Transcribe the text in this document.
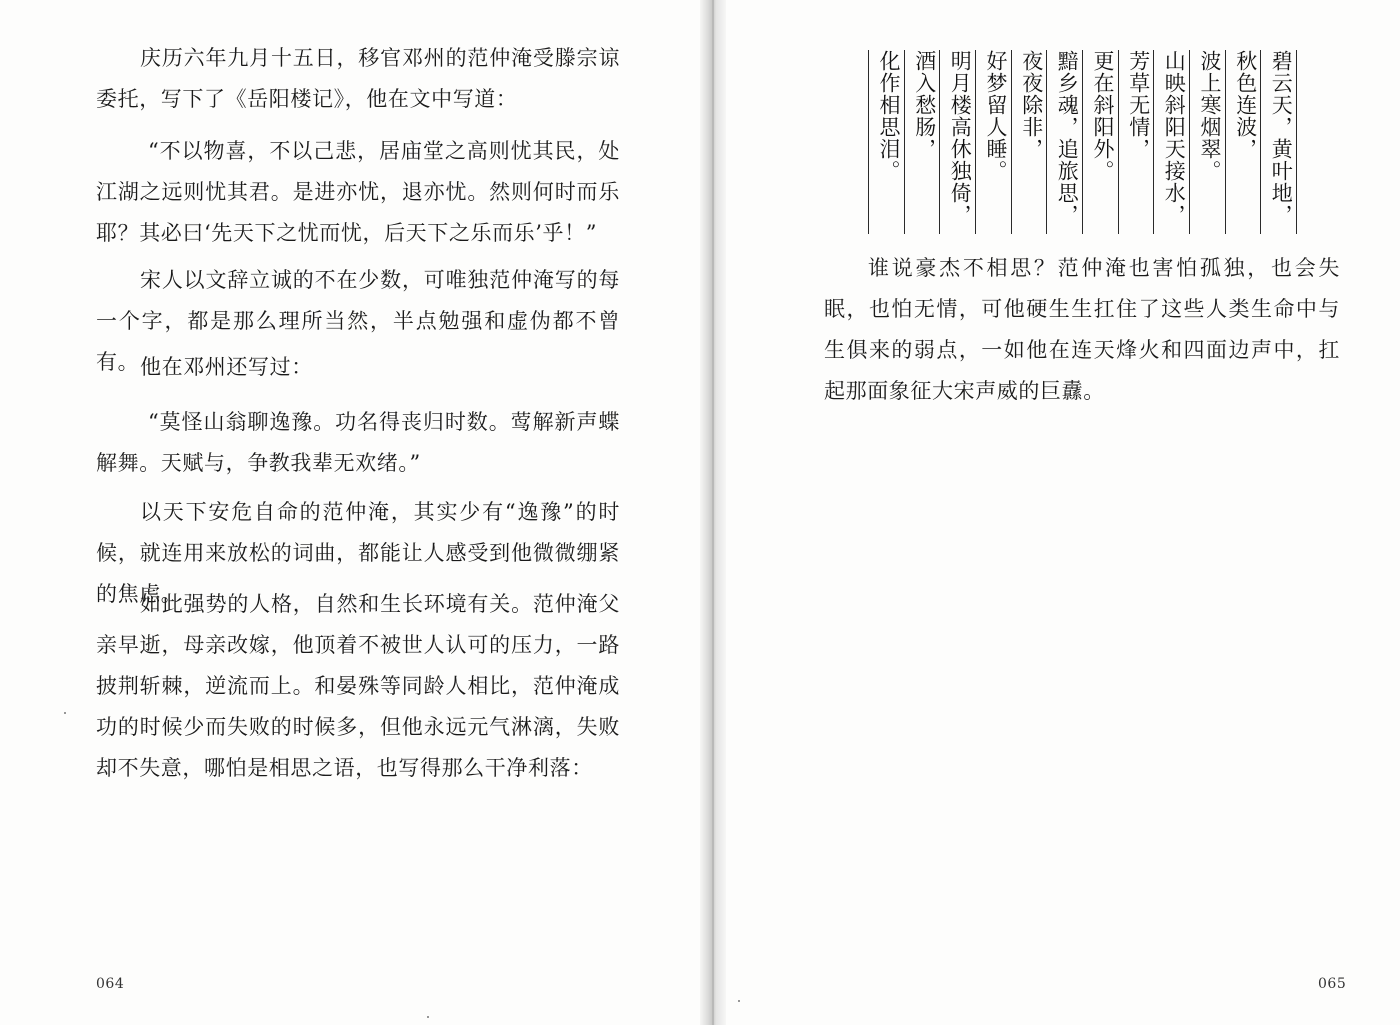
庆历六年九月十五日，移官邓州的范仲淹受滕宗谅委托，写下了《岳阳楼记》，他在文中写道：

“不以物喜，不以己悲，居庙堂之高则忧其民，处江湖之远则忧其君。是进亦忧，退亦忧。然则何时而乐耶？其必曰‘先天下之忧而忧，后天下之乐而乐’乎！”

宋人以文辞立诚的不在少数，可唯独范仲淹写的每一个字，都是那么理所当然，半点勉强和虚伪都不曾有。 他在邓州还写过：

“莫怪山翁聊逸豫。功名得丧归时数。莺解新声蝶解舞。天赋与，争教我辈无欢绪。”

以天下安危自命的范仲淹，其实少有“逸豫”的时候，就连用来放松的词曲，都能让人感受到他微微绷紧的焦虑。

如此强势的人格，自然和生长环境有关。范仲淹父亲早逝，母亲改嫁，他顶着不被世人认可的压力，一路披荆斩棘，逆流而上。和晏殊等同龄人相比，范仲淹成功的时候少而失败的时候多，但他永远元气淋漓，失败却不失意，哪怕是相思之语，也写得那么干净利落：

064
化作相思泪。 酒入愁肠， 明月楼高休独倚， 好梦留人睡。 夜夜除非， 黯乡魂，追旅思， 更在斜阳外。 芳草无情， 山映斜阳天接水， 波上寒烟翠。 秋色连波， 碧云天，黄叶地，

谁说豪杰不相思？范仲淹也害怕孤独，也会失眠，也怕无情，可他硬生生扛住了这些人类生命中与生俱来的弱点，一如他在连天烽火和四面边声中，扛起那面象征大宋声威的巨纛。

065
